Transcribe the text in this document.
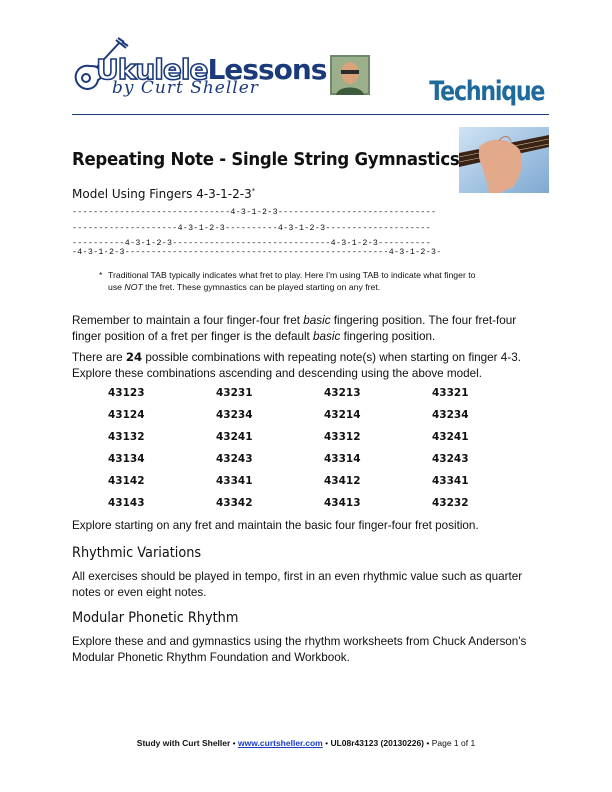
UkuleleLessons
by Curt Sheller	Technique
Repeating Note - Single String Gymnastics
Model Using Fingers 4-3-1-2-3*
------------------------------4-3-1-2-3------------------------------
--------------------4-3-1-2-3----------4-3-1-2-3--------------------
----------4-3-1-2-3------------------------------4-3-1-2-3----------
-4-3-1-2-3--------------------------------------------------4-3-1-2-3-
* Traditional TAB typically indicates what fret to play. Here I'm using TAB to indicate what finger to use NOT the fret. These gymnastics can be played starting on any fret.
Remember to maintain a four finger-four fret basic fingering position. The four fret-four finger position of a fret per finger is the default basic fingering position.
There are 24 possible combinations with repeating note(s) when starting on finger 4-3. Explore these combinations ascending and descending using the above model.
43123	43231	43213	43321
43124	43234	43214	43234
43132	43241	43312	43241
43134	43243	43314	43243
43142	43341	43412	43341
43143	43342	43413	43232
Explore starting on any fret and maintain the basic four finger-four fret position.
Rhythmic Variations
All exercises should be played in tempo, first in an even rhythmic value such as quarter notes or even eight notes.
Modular Phonetic Rhythm
Explore these and and gymnastics using the rhythm worksheets from Chuck Anderson's Modular Phonetic Rhythm Foundation and Workbook.
Study with Curt Sheller • www.curtsheller.com • UL08r43123 (20130226) • Page 1 of 1
